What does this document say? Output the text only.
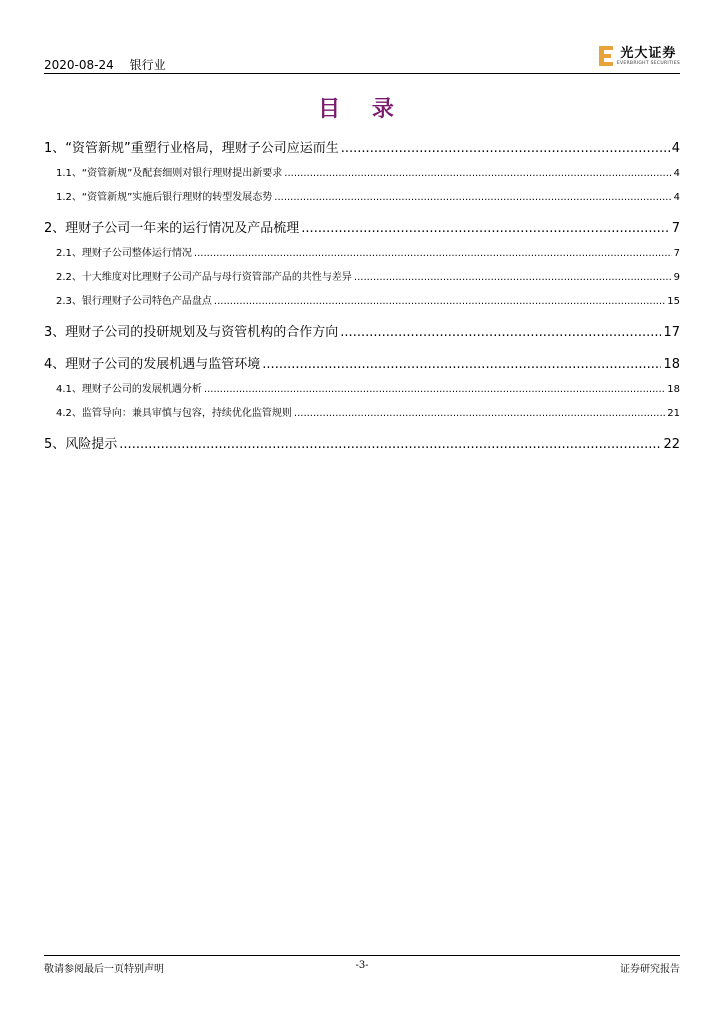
2020-08-24 银行业
光大证券
EVERBRIGHT SECURITIES
目 录
1、 “资管新规”重塑行业格局，理财子公司应运而生 .....	4
1.1、 “资管新规”及配套细则对银行理财提出新要求 .....	4
1.2、 “资管新规”实施后银行理财的转型发展态势 .....	4
2、 理财子公司一年来的运行情况及产品梳理 .....	7
2.1、 理财子公司整体运行情况 .....	7
2.2、 十大维度对比理财子公司产品与母行资管部产品的共性与差异 .....	9
2.3、 银行理财子公司特色产品盘点 .....	15
3、 理财子公司的投研规划及与资管机构的合作方向 .....	17
4、 理财子公司的发展机遇与监管环境 .....	18
4.1、 理财子公司的发展机遇分析 .....	18
4.2、 监管导向：兼具审慎与包容，持续优化监管规则 .....	21
5、 风险提示 .....	22
敬请参阅最后一页特别声明	-3-	证券研究报告
